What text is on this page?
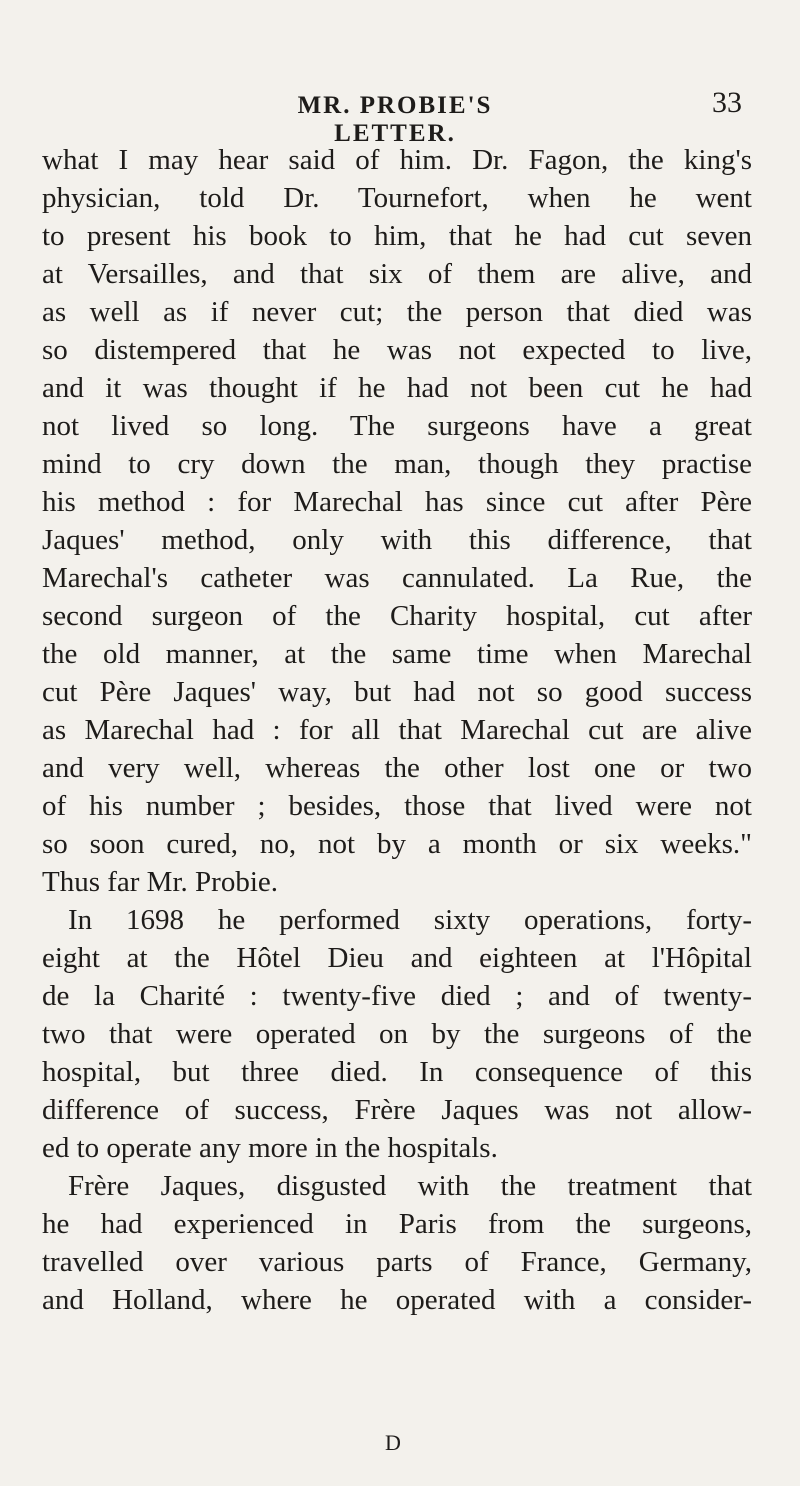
MR. PROBIE'S LETTER.
33
what I may hear said of him. Dr. Fagon, the king's
physician, told Dr. Tournefort, when he went
to present his book to him, that he had cut seven
at Versailles, and that six of them are alive, and
as well as if never cut; the person that died was
so distempered that he was not expected to live,
and it was thought if he had not been cut he had
not lived so long. The surgeons have a great
mind to cry down the man, though they practise
his method : for Marechal has since cut after Père
Jaques' method, only with this difference, that
Marechal's catheter was cannulated. La Rue, the
second surgeon of the Charity hospital, cut after
the old manner, at the same time when Marechal
cut Père Jaques' way, but had not so good success
as Marechal had : for all that Marechal cut are alive
and very well, whereas the other lost one or two
of his number ; besides, those that lived were not
so soon cured, no, not by a month or six weeks."
Thus far Mr. Probie.
In 1698 he performed sixty operations, forty-
eight at the Hôtel Dieu and eighteen at l'Hôpital
de la Charité : twenty-five died ; and of twenty-
two that were operated on by the surgeons of the
hospital, but three died. In consequence of this
difference of success, Frère Jaques was not allow-
ed to operate any more in the hospitals.
Frère Jaques, disgusted with the treatment that
he had experienced in Paris from the surgeons,
travelled over various parts of France, Germany,
and Holland, where he operated with a consider-
D
